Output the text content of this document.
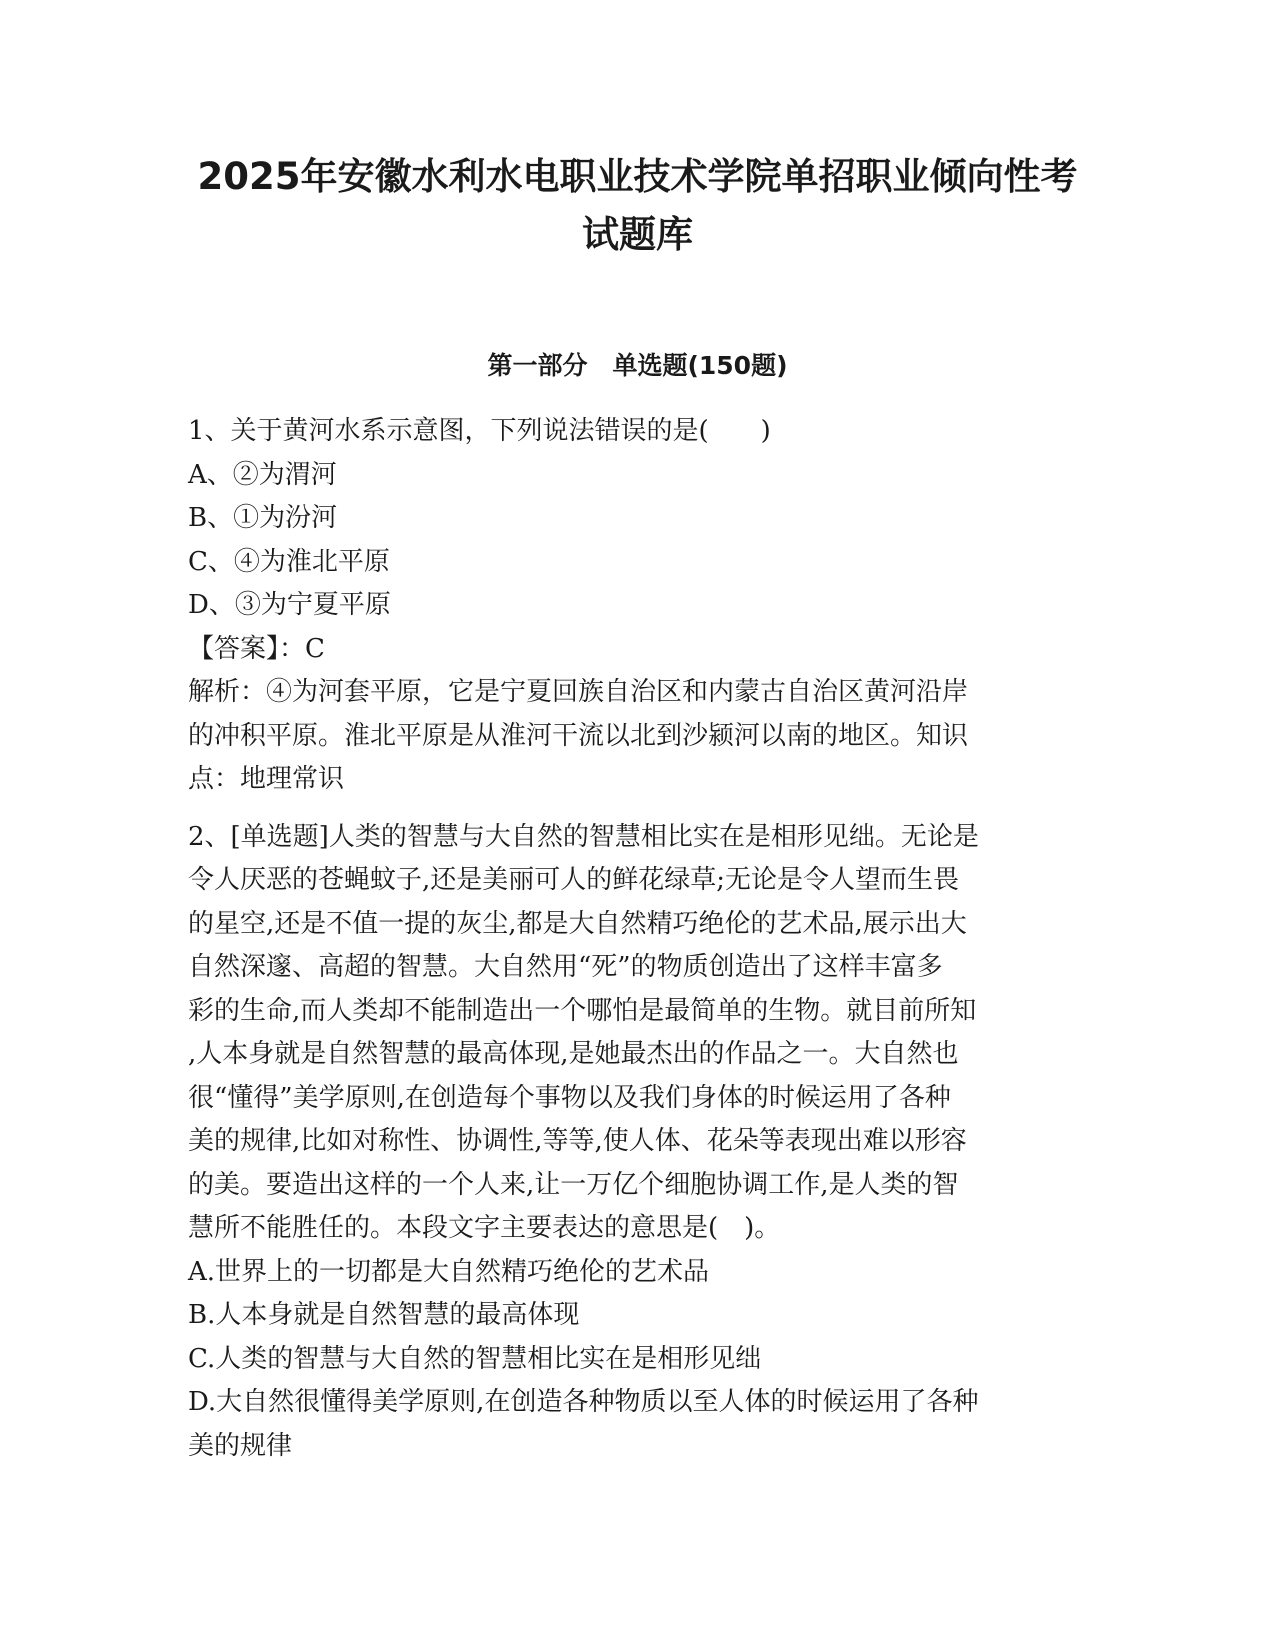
2025年安徽水利水电职业技术学院单招职业倾向性考
试题库
第一部分　单选题(150题)

1、关于黄河水系示意图，下列说法错误的是(　　)

A、②为渭河

B、①为汾河

C、④为淮北平原

D、③为宁夏平原

【答案】：C

解析：④为河套平原，它是宁夏回族自治区和内蒙古自治区黄河沿岸

的冲积平原。淮北平原是从淮河干流以北到沙颍河以南的地区。知识

点：地理常识

2、[单选题]人类的智慧与大自然的智慧相比实在是相形见绌。无论是

令人厌恶的苍蝇蚊子,还是美丽可人的鲜花绿草;无论是令人望而生畏

的星空,还是不值一提的灰尘,都是大自然精巧绝伦的艺术品,展示出大

自然深邃、高超的智慧。大自然用“死”的物质创造出了这样丰富多

彩的生命,而人类却不能制造出一个哪怕是最简单的生物。就目前所知

,人本身就是自然智慧的最高体现,是她最杰出的作品之一。大自然也

很“懂得”美学原则,在创造每个事物以及我们身体的时候运用了各种

美的规律,比如对称性、协调性,等等,使人体、花朵等表现出难以形容

的美。要造出这样的一个人来,让一万亿个细胞协调工作,是人类的智

慧所不能胜任的。本段文字主要表达的意思是(　)。

A.世界上的一切都是大自然精巧绝伦的艺术品

B.人本身就是自然智慧的最高体现

C.人类的智慧与大自然的智慧相比实在是相形见绌

D.大自然很懂得美学原则,在创造各种物质以至人体的时候运用了各种

美的规律
